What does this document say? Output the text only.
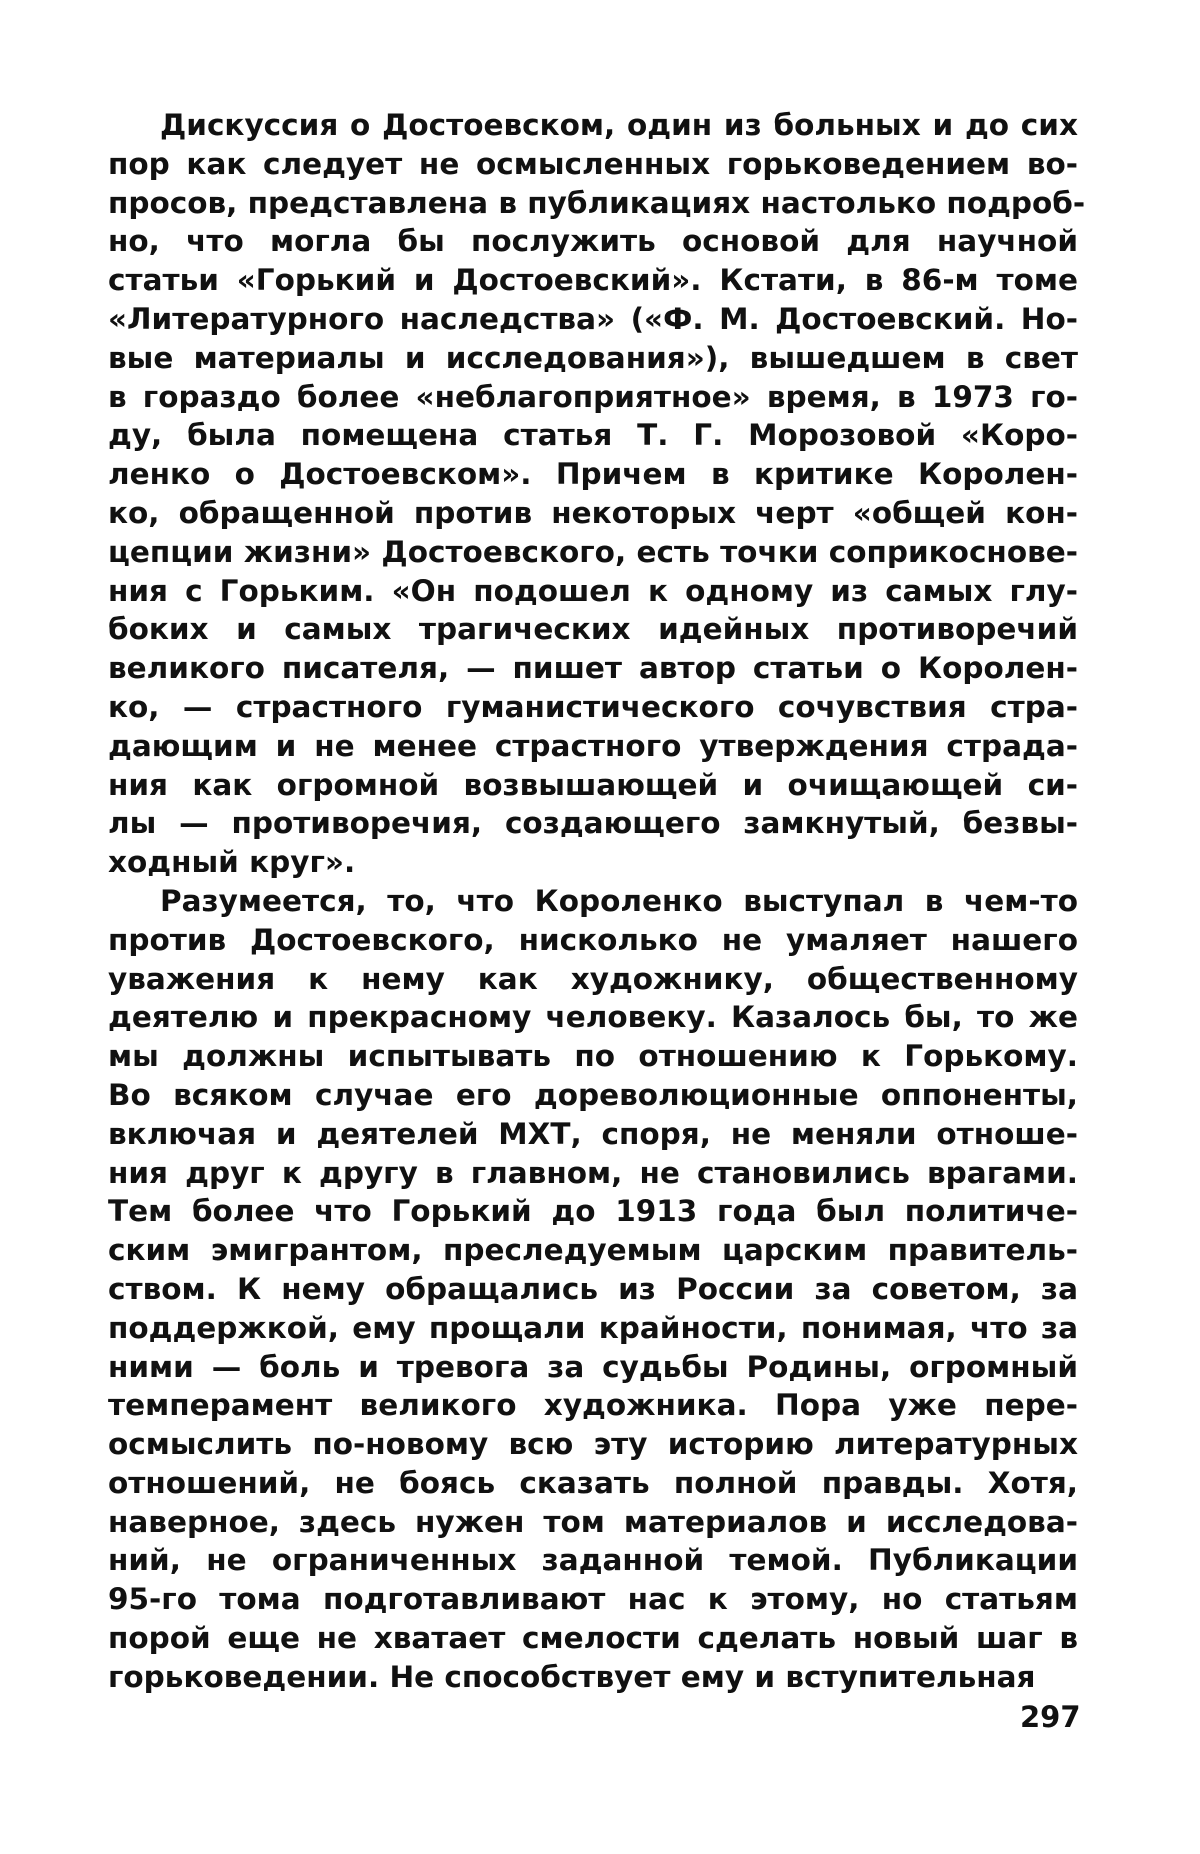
Дискуссия о Достоевском, один из больных и до сих
пор как следует не осмысленных горьковедением во-
просов, представлена в публикациях настолько подроб-
но, что могла бы послужить основой для научной
статьи «Горький и Достоевский». Кстати, в 86-м томе
«Литературного наследства» («Ф. М. Достоевский. Но-
вые материалы и исследования»), вышедшем в свет
в гораздо более «неблагоприятное» время, в 1973 го-
ду, была помещена статья Т. Г. Морозовой «Коро-
ленко о Достоевском». Причем в критике Королен-
ко, обращенной против некоторых черт «общей кон-
цепции жизни» Достоевского, есть точки соприкоснове-
ния с Горьким. «Он подошел к одному из самых глу-
боких и самых трагических идейных противоречий
великого писателя, — пишет автор статьи о Королен-
ко, — страстного гуманистического сочувствия стра-
дающим и не менее страстного утверждения страда-
ния как огромной возвышающей и очищающей си-
лы — противоречия, создающего замкнутый, безвы-
ходный круг».
Разумеется, то, что Короленко выступал в чем-то
против Достоевского, нисколько не умаляет нашего
уважения к нему как художнику, общественному
деятелю и прекрасному человеку. Казалось бы, то же
мы должны испытывать по отношению к Горькому.
Во всяком случае его дореволюционные оппоненты,
включая и деятелей МХТ, споря, не меняли отноше-
ния друг к другу в главном, не становились врагами.
Тем более что Горький до 1913 года был политиче-
ским эмигрантом, преследуемым царским правитель-
ством. К нему обращались из России за советом, за
поддержкой, ему прощали крайности, понимая, что за
ними — боль и тревога за судьбы Родины, огромный
темперамент великого художника. Пора уже пере-
осмыслить по-новому всю эту историю литературных
отношений, не боясь сказать полной правды. Хотя,
наверное, здесь нужен том материалов и исследова-
ний, не ограниченных заданной темой. Публикации
95-го тома подготавливают нас к этому, но статьям
порой еще не хватает смелости сделать новый шаг в
горьковедении. Не способствует ему и вступительная
297
